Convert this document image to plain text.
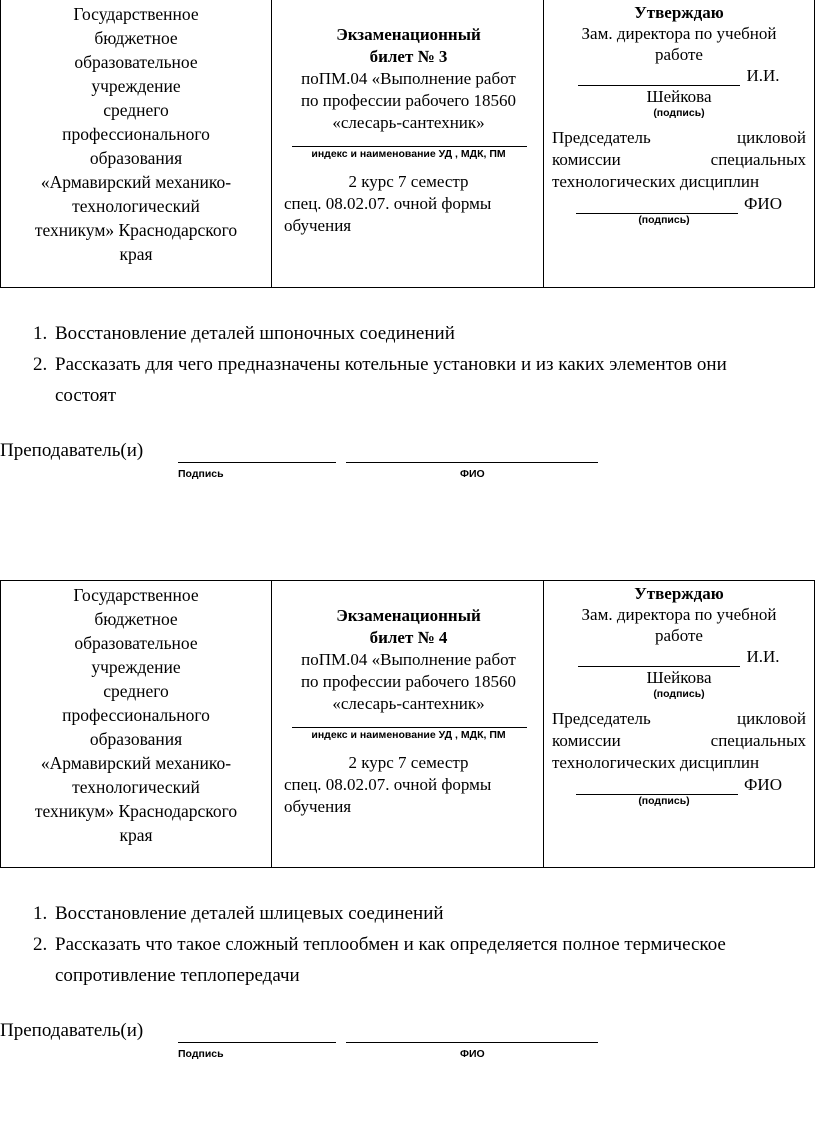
Государственное
бюджетное
образовательное
учреждение
среднего
профессионального
образования
«Армавирский механико-
технологический
техникум» Краснодарского
края
Экзаменационный
билет № 3
поПМ.04 «Выполнение работ
по профессии рабочего 18560
«слесарь-сантехник»
индекс и наименование УД , МДК, ПМ
2 курс 7 семестр
спец. 08.02.07. очной формы
обучения
Утверждаю
Зам. директора по учебной
работе
И.И.
Шейкова
(подпись)
Председатель цикловой
комиссии специальных
технологических дисциплин
ФИО
(подпись)
1. Восстановление деталей шпоночных соединений
2. Рассказать для чего предназначены котельные установки и из каких элементов они состоят
Преподаватель(и)
Подпись	ФИО
Государственное
бюджетное
образовательное
учреждение
среднего
профессионального
образования
«Армавирский механико-
технологический
техникум» Краснодарского
края
Экзаменационный
билет № 4
поПМ.04 «Выполнение работ
по профессии рабочего 18560
«слесарь-сантехник»
индекс и наименование УД , МДК, ПМ
2 курс 7 семестр
спец. 08.02.07. очной формы
обучения
Утверждаю
Зам. директора по учебной
работе
И.И.
Шейкова
(подпись)
Председатель цикловой
комиссии специальных
технологических дисциплин
ФИО
(подпись)
1. Восстановление деталей шлицевых соединений
2. Рассказать что такое сложный теплообмен и как определяется полное термическое сопротивление теплопередачи
Преподаватель(и)
Подпись	ФИО
